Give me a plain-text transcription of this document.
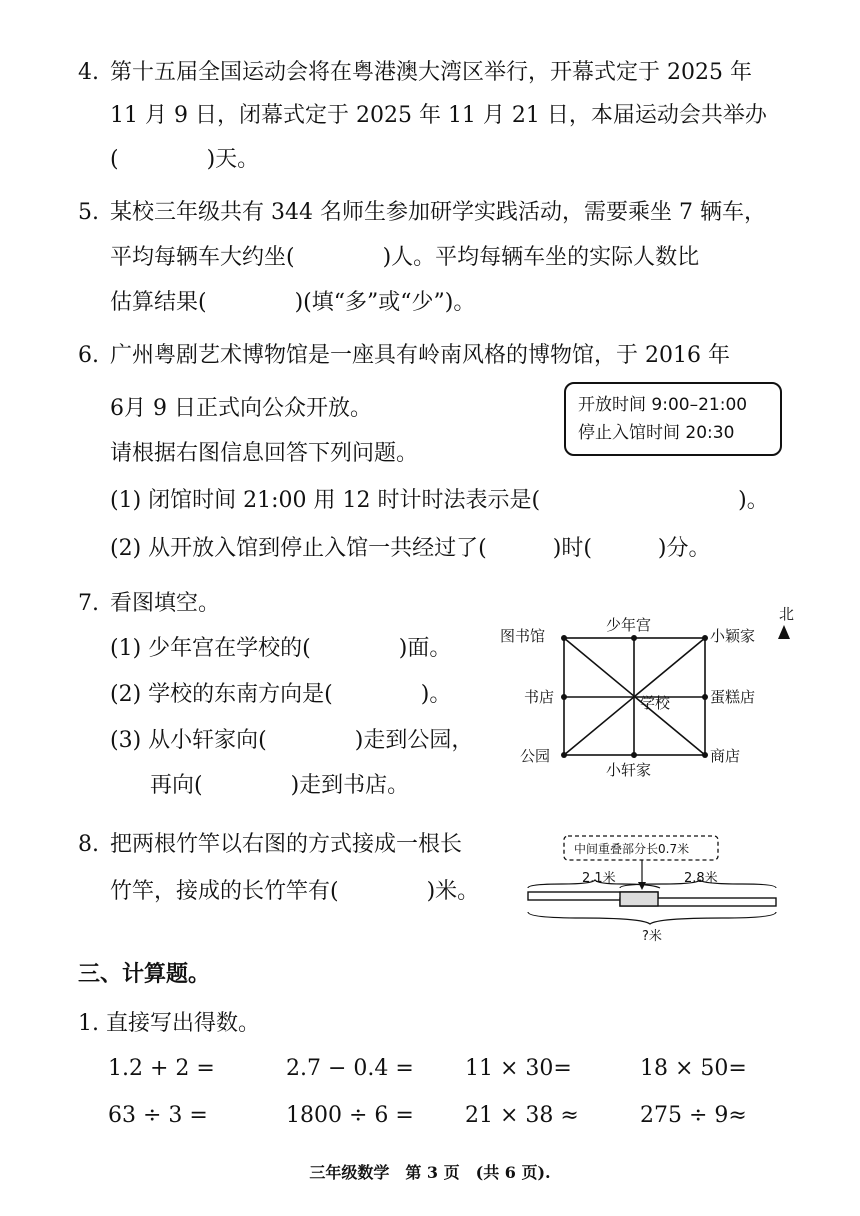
4. 第十五届全国运动会将在粤港澳大湾区举行，开幕式定于 2025 年
11 月 9 日，闭幕式定于 2025 年 11 月 21 日，本届运动会共举办
(　　　　)天。
5. 某校三年级共有 344 名师生参加研学实践活动，需要乘坐 7 辆车，
平均每辆车大约坐(　　　　)人。平均每辆车坐的实际人数比
估算结果(　　　　)(填“多”或“少”)。
6. 广州粤剧艺术博物馆是一座具有岭南风格的博物馆，于 2016 年
6月 9 日正式向公众开放。
请根据右图信息回答下列问题。
开放时间 9:00–21:00
停止入馆时间 20:30
(1) 闭馆时间 21:00 用 12 时计时法表示是(　　　　　　　　　)。
(2) 从开放入馆到停止入馆一共经过了(　　　)时(　　　)分。
7. 看图填空。
(1) 少年宫在学校的(　　　　)面。
(2) 学校的东南方向是(　　　　)。
(3) 从小轩家向(　　　　)走到公园，
再向(　　　　)走到书店。
图书馆
少年宫
小颖家
书店	学校	蛋糕店
公园
小轩家
商店
北
8. 把两根竹竿以右图的方式接成一根长
竹竿，接成的长竹竿有(　　　　)米。
中间重叠部分长0.7米
2.1米	2.8米
?米
三、计算题。
1. 直接写出得数。
1.2 + 2 =	2.7 − 0.4 = 11 × 30=	18 × 50=
63 ÷ 3 =	1800 ÷ 6 = 21 × 38 ≈	275 ÷ 9≈
三年级数学　第 3 页　(共 6 页).
